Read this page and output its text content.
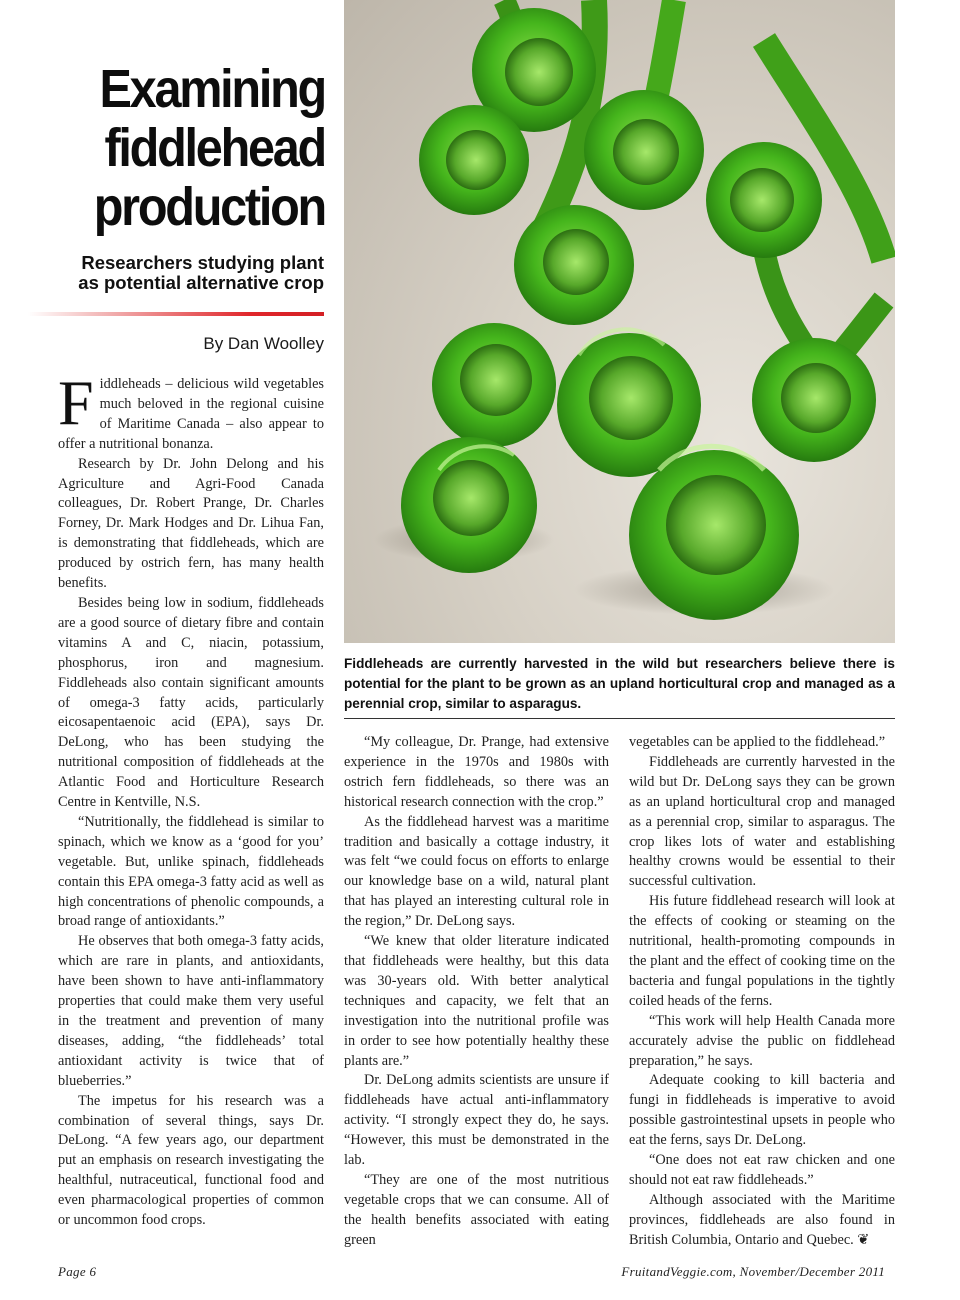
Examining
fiddlehead
production
Researchers studying plant
as potential alternative crop
By Dan Woolley
Fiddleheads are currently harvested in the wild but researchers believe there is potential for the plant to be grown as an upland horticultural crop and managed as a perennial crop, similar to asparagus.

Fiddleheads – delicious wild vegetables much beloved in the regional cuisine of Maritime Canada – also appear to offer a nutritional bonanza.

Research by Dr. John Delong and his Agriculture and Agri-Food Canada colleagues, Dr. Robert Prange, Dr. Charles Forney, Dr. Mark Hodges and Dr. Lihua Fan, is demonstrating that fiddleheads, which are produced by ostrich fern, has many health benefits.

Besides being low in sodium, fiddleheads are a good source of dietary fibre and contain vitamins A and C, niacin, potassium, phosphorus, iron and magnesium. Fiddleheads also contain significant amounts of omega-3 fatty acids, particularly eicosapentaenoic acid (EPA), says Dr. DeLong, who has been studying the nutritional composition of fiddleheads at the Atlantic Food and Horticulture Research Centre in Kentville, N.S.

“Nutritionally, the fiddlehead is similar to spinach, which we know as a ‘good for you’ vegetable. But, unlike spinach, fiddleheads contain this EPA omega-3 fatty acid as well as high concentrations of phenolic compounds, a broad range of antioxidants.”

He observes that both omega-3 fatty acids, which are rare in plants, and antioxidants, have been shown to have anti-inflammatory properties that could make them very useful in the treatment and prevention of many diseases, adding, “the fiddleheads’ total antioxidant activity is twice that of blueberries.”

The impetus for his research was a combination of several things, says Dr. DeLong. “A few years ago, our department put an emphasis on research investigating the healthful, nutraceutical, functional food and even pharmacological properties of common or uncommon food crops.

“My colleague, Dr. Prange, had extensive experience in the 1970s and 1980s with ostrich fern fiddleheads, so there was an historical research connection with the crop.”

As the fiddlehead harvest was a maritime tradition and basically a cottage industry, it was felt “we could focus on efforts to enlarge our knowledge base on a wild, natural plant that has played an interesting cultural role in the region,” Dr. DeLong says.

“We knew that older literature indicated that fiddleheads were healthy, but this data was 30-years old. With better analytical techniques and capacity, we felt that an investigation into the nutritional profile was in order to see how potentially healthy these plants are.”

Dr. DeLong admits scientists are unsure if fiddleheads have actual anti-inflammatory activity. “I strongly expect they do, he says. “However, this must be demonstrated in the lab.

“They are one of the most nutritious vegetable crops that we can consume. All of the health benefits associated with eating green

vegetables can be applied to the fiddlehead.”

Fiddleheads are currently harvested in the wild but Dr. DeLong says they can be grown as an upland horticultural crop and managed as a perennial crop, similar to asparagus. The crop likes lots of water and establishing healthy crowns would be essential to their successful cultivation.

His future fiddlehead research will look at the effects of cooking or steaming on the nutritional, health-promoting compounds in the plant and the effect of cooking time on the bacteria and fungal populations in the tightly coiled heads of the ferns.

“This work will help Health Canada more accurately advise the public on fiddlehead preparation,” he says.

Adequate cooking to kill bacteria and fungi in fiddleheads is imperative to avoid possible gastrointestinal upsets in people who eat the ferns, says Dr. DeLong.

“One does not eat raw chicken and one should not eat raw fiddleheads.”

Although associated with the Maritime provinces, fiddleheads are also found in British Columbia, Ontario and Quebec. ❦

Page 6	FruitandVeggie.com, November/December 2011
